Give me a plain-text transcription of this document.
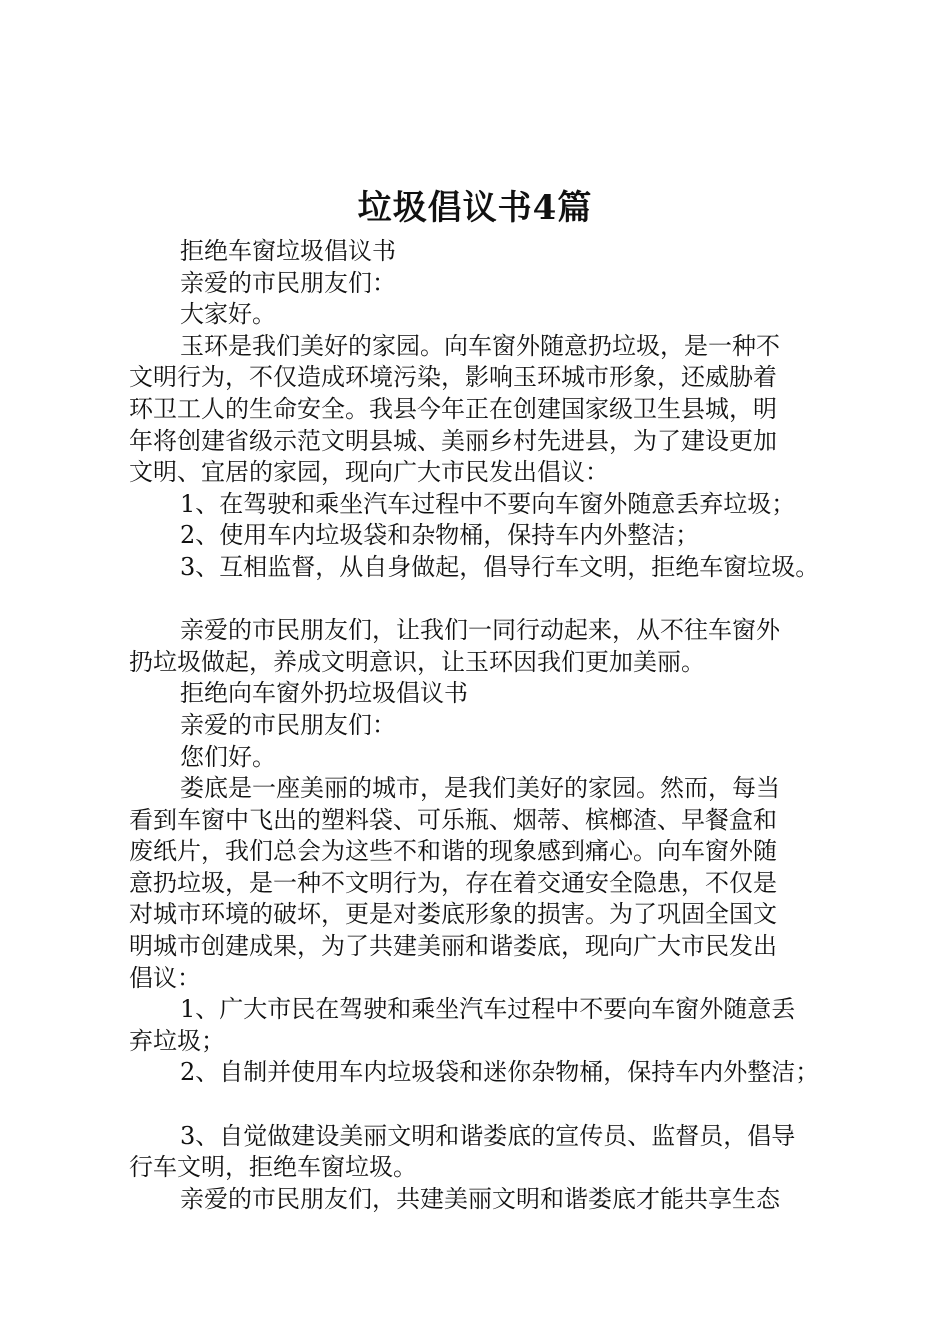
垃圾倡议书4篇
拒绝车窗垃圾倡议书
亲爱的市民朋友们：
大家好。
玉环是我们美好的家园。向车窗外随意扔垃圾，是一种不
文明行为，不仅造成环境污染，影响玉环城市形象，还威胁着
环卫工人的生命安全。我县今年正在创建国家级卫生县城，明
年将创建省级示范文明县城、美丽乡村先进县，为了建设更加
文明、宜居的家园，现向广大市民发出倡议：
1、在驾驶和乘坐汽车过程中不要向车窗外随意丢弃垃圾；
2、使用车内垃圾袋和杂物桶，保持车内外整洁；
3、互相监督，从自身做起，倡导行车文明，拒绝车窗垃圾。
亲爱的市民朋友们，让我们一同行动起来，从不往车窗外
扔垃圾做起，养成文明意识，让玉环因我们更加美丽。
拒绝向车窗外扔垃圾倡议书
亲爱的市民朋友们：
您们好。
娄底是一座美丽的城市，是我们美好的家园。然而，每当
看到车窗中飞出的塑料袋、可乐瓶、烟蒂、槟榔渣、早餐盒和
废纸片，我们总会为这些不和谐的现象感到痛心。向车窗外随
意扔垃圾，是一种不文明行为，存在着交通安全隐患，不仅是
对城市环境的破坏，更是对娄底形象的损害。为了巩固全国文
明城市创建成果，为了共建美丽和谐娄底，现向广大市民发出
倡议：
1、广大市民在驾驶和乘坐汽车过程中不要向车窗外随意丢
弃垃圾；
2、自制并使用车内垃圾袋和迷你杂物桶，保持车内外整洁；
3、自觉做建设美丽文明和谐娄底的宣传员、监督员，倡导
行车文明，拒绝车窗垃圾。
亲爱的市民朋友们，共建美丽文明和谐娄底才能共享生态
